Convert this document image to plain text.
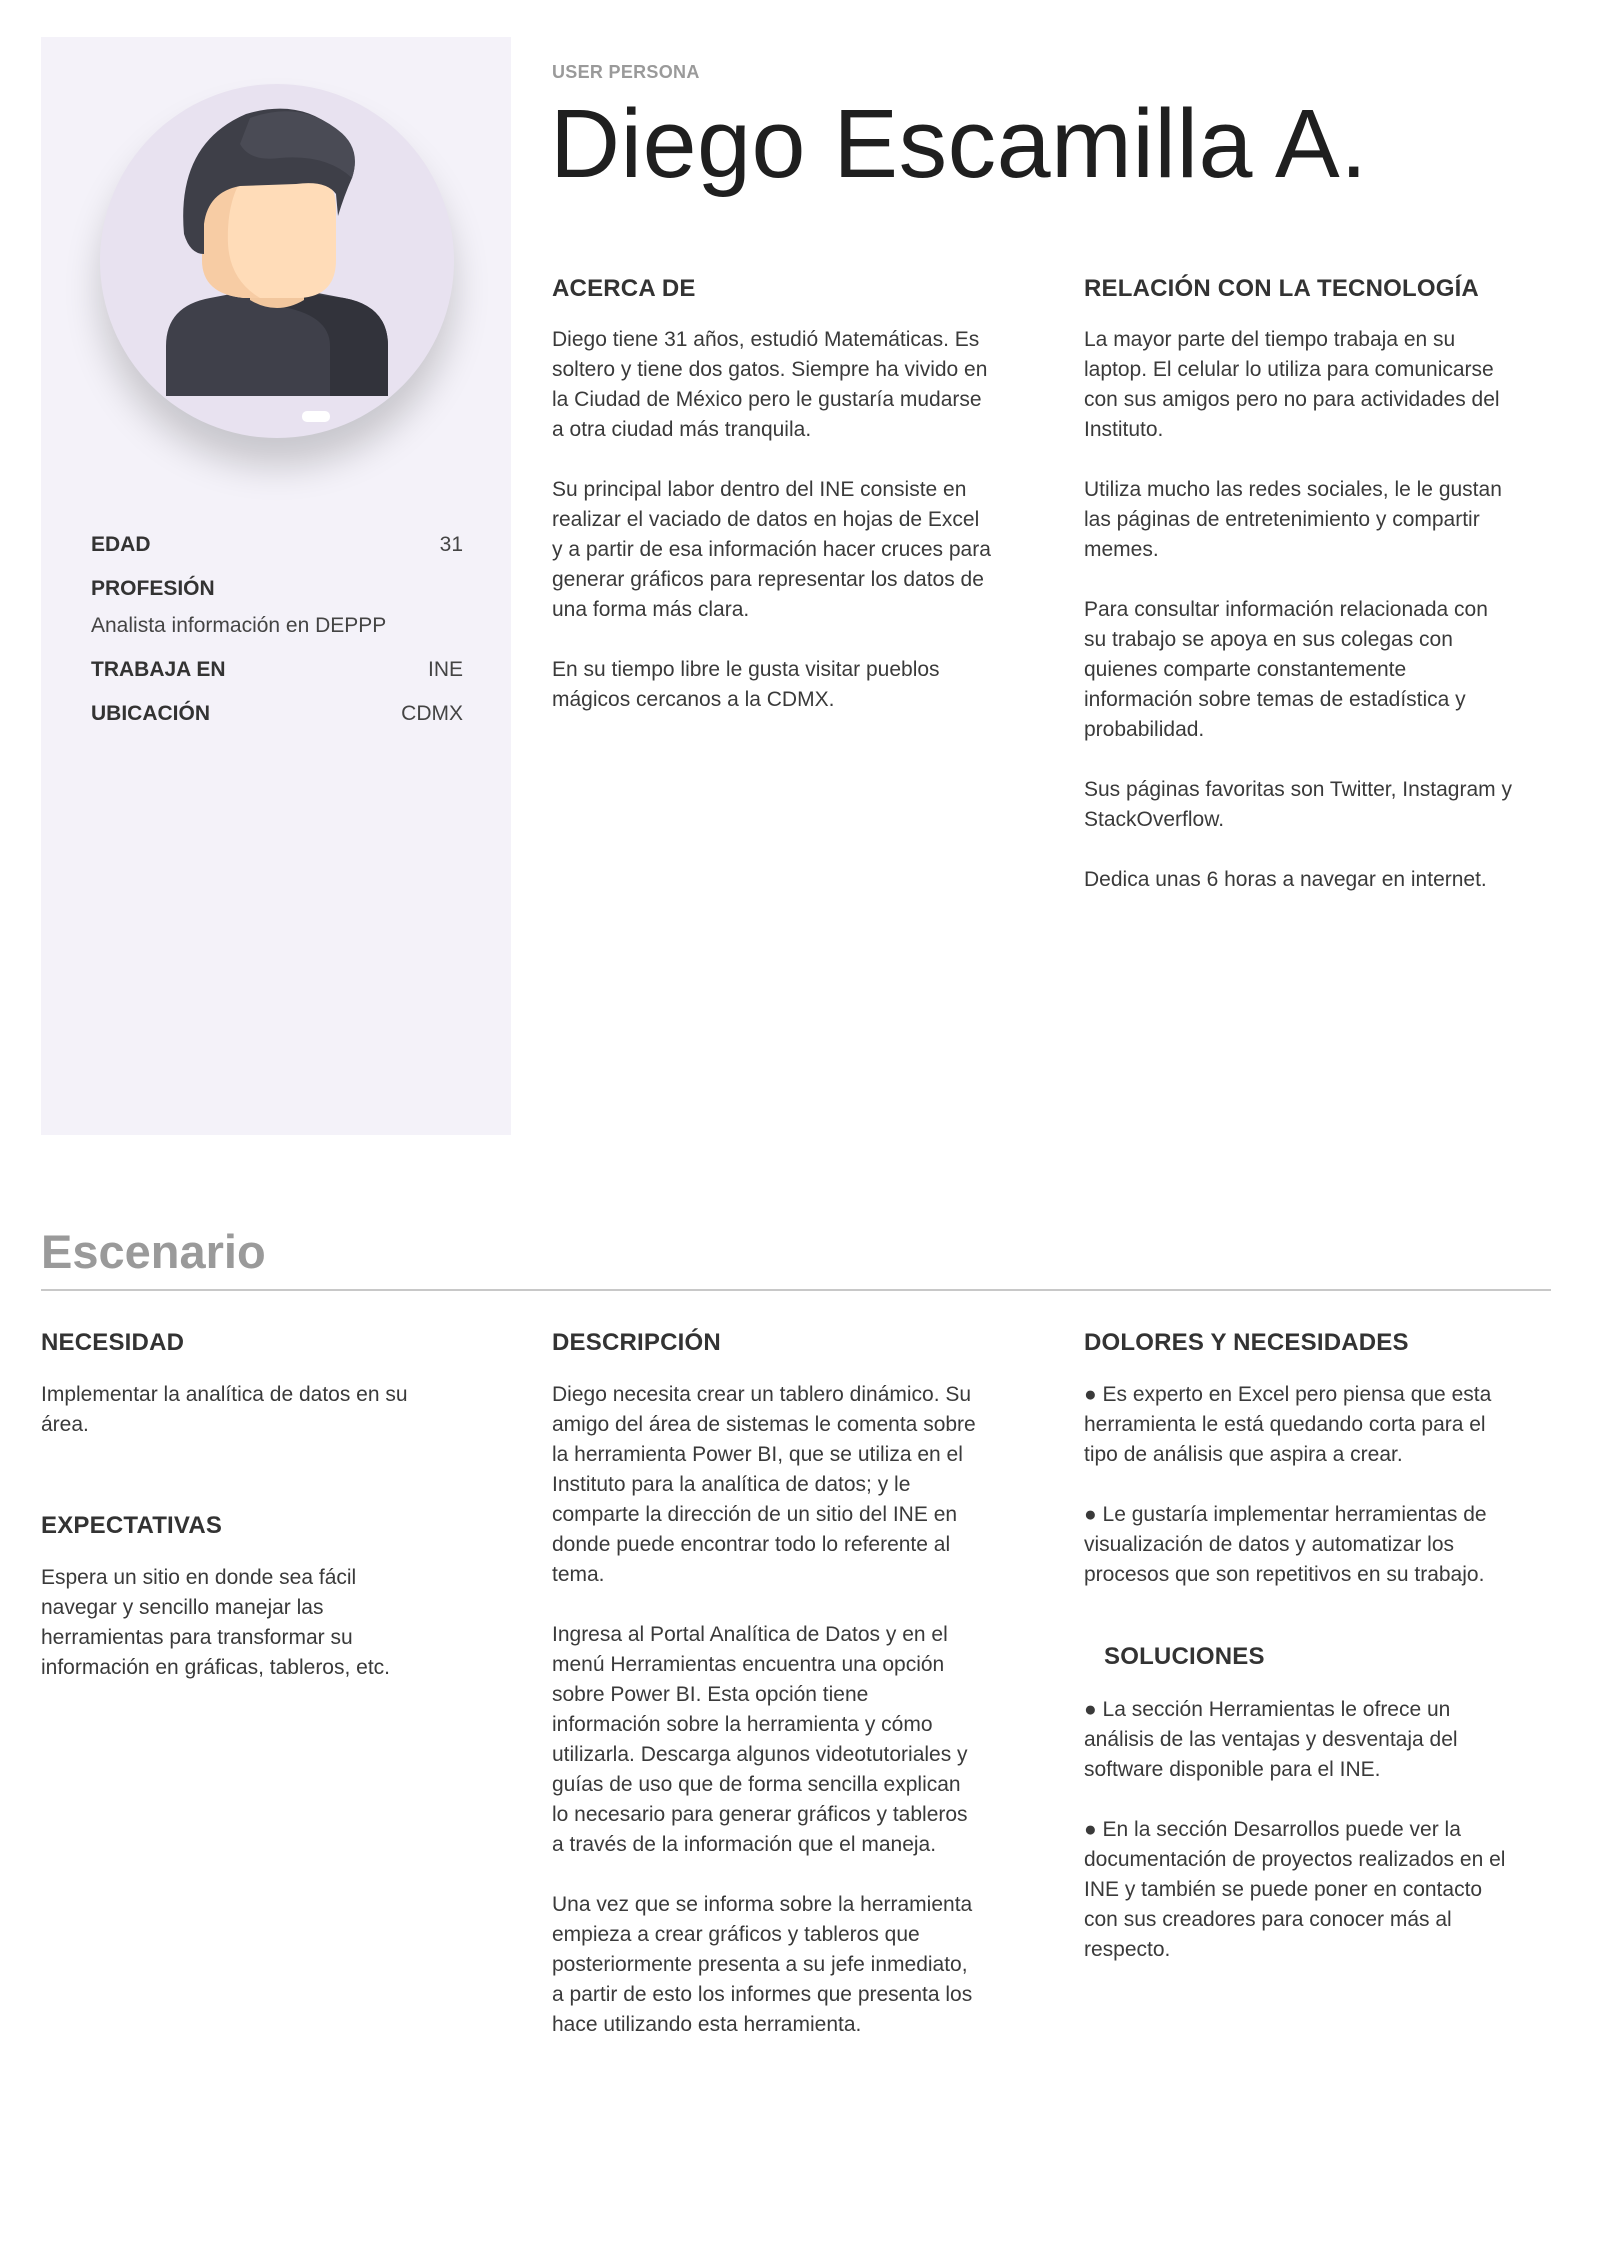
EDAD	31
PROFESIÓN
Analista información en DEPPP
TRABAJA EN	INE
UBICACIÓN	CDMX
USER PERSONA
Diego Escamilla A.
ACERCA DE

Diego tiene 31 años, estudió Matemáticas. Es
soltero y tiene dos gatos. Siempre ha vivido en
la Ciudad de México pero le gustaría mudarse
a otra ciudad más tranquila.

Su principal labor dentro del INE consiste en
realizar el vaciado de datos en hojas de Excel
y a partir de esa información hacer cruces para
generar gráficos para representar los datos de
una forma más clara.

En su tiempo libre le gusta visitar pueblos
mágicos cercanos a la CDMX.

RELACIÓN CON LA TECNOLOGÍA

La mayor parte del tiempo trabaja en su
laptop. El celular lo utiliza para comunicarse
con sus amigos pero no para actividades del
Instituto.

Utiliza mucho las redes sociales, le le gustan
las páginas de entretenimiento y compartir
memes.

Para consultar información relacionada con
su trabajo se apoya en sus colegas con
quienes comparte constantemente
información sobre temas de estadística y
probabilidad.

Sus páginas favoritas son Twitter, Instagram y
StackOverflow.

Dedica unas 6 horas a navegar en internet.

Escenario
NECESIDAD

Implementar la analítica de datos en su
área.

EXPECTATIVAS

Espera un sitio en donde sea fácil
navegar y sencillo manejar las
herramientas para transformar su
información en gráficas, tableros, etc.

DESCRIPCIÓN

Diego necesita crear un tablero dinámico. Su
amigo del área de sistemas le comenta sobre
la herramienta Power BI, que se utiliza en el
Instituto para la analítica de datos; y le
comparte la dirección de un sitio del INE en
donde puede encontrar todo lo referente al
tema.

Ingresa al Portal Analítica de Datos y en el
menú Herramientas encuentra una opción
sobre Power BI. Esta opción tiene
información sobre la herramienta y cómo
utilizarla. Descarga algunos videotutoriales y
guías de uso que de forma sencilla explican
lo necesario para generar gráficos y tableros
a través de la información que el maneja.

Una vez que se informa sobre la herramienta
empieza a crear gráficos y tableros que
posteriormente presenta a su jefe inmediato,
a partir de esto los informes que presenta los
hace utilizando esta herramienta.

DOLORES Y NECESIDADES

● Es experto en Excel pero piensa que esta
herramienta le está quedando corta para el
tipo de análisis que aspira a crear.

● Le gustaría implementar herramientas de
visualización de datos y automatizar los
procesos que son repetitivos en su trabajo.

SOLUCIONES

● La sección Herramientas le ofrece un
análisis de las ventajas y desventaja del
software disponible para el INE.

● En la sección Desarrollos puede ver la
documentación de proyectos realizados en el
INE y también se puede poner en contacto
con sus creadores para conocer más al
respecto.
